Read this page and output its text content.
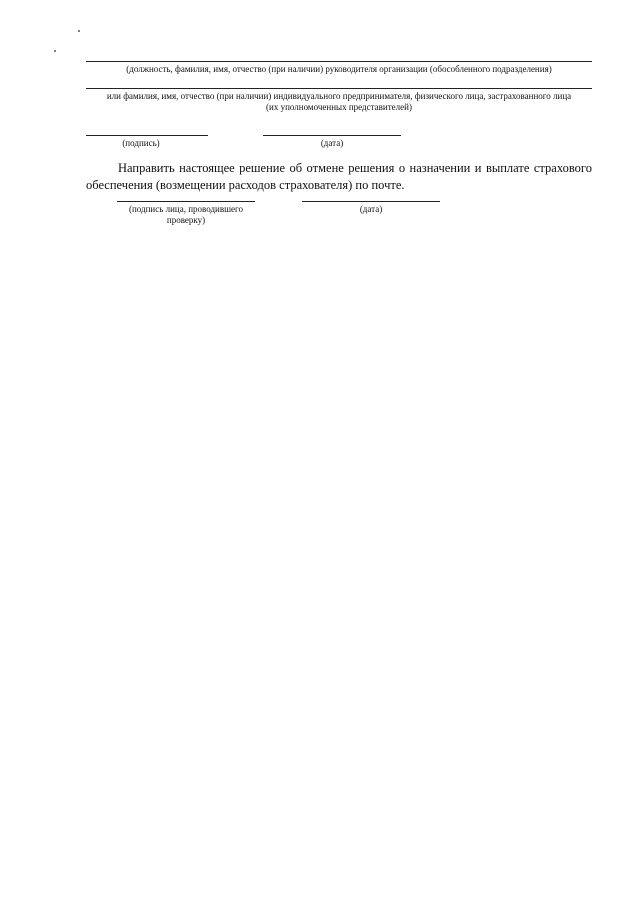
(должность, фамилия, имя, отчество (при наличии) руководителя организации (обособленного подразделения)
или фамилия, имя, отчество (при наличии) индивидуального предпринимателя, физического лица, застрахованного лица
(их уполномоченных представителей)
(подпись)	(дата)
Направить настоящее решение об отмене решения о назначении и выплате страхового обеспечения (возмещении расходов страхователя) по почте.
(подпись лица, проводившего
проверку)
(дата)
